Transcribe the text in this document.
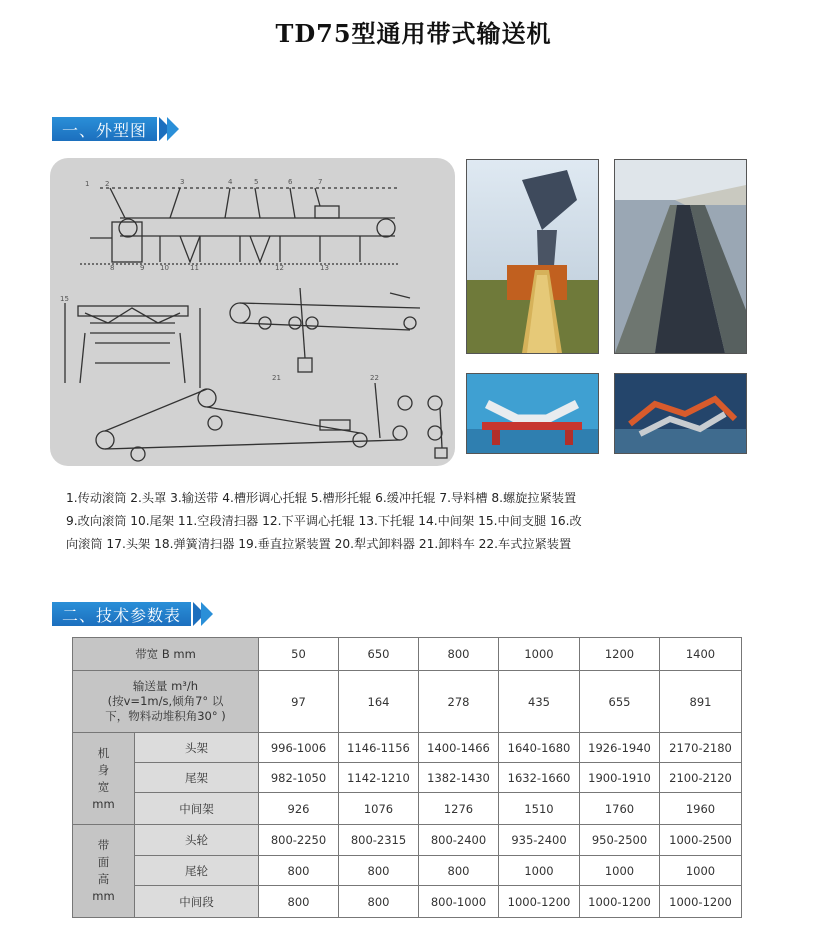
TD75型通用带式输送机
一、外型图
1 2	3	4	5	6	7
8	9 10	11	12	13
15
21	22
1.传动滚筒 2.头罩 3.输送带 4.槽形调心托辊 5.槽形托辊 6.缓冲托辊 7.导料槽 8.螺旋拉紧装置
9.改向滚筒 10.尾架 11.空段清扫器 12.下平调心托辊 13.下托辊 14.中间架 15.中间支腿 16.改
向滚筒 17.头架 18.弹簧清扫器 19.垂直拉紧装置 20.犁式卸料器 21.卸料车 22.车式拉紧装置
二、技术参数表
带宽 B mm		50	650	800	1000	1200	1400

输送量 m³/h
(按v=1m/s,倾角7° 以
下，物料动堆积角30° )		97	164	278	435	655	891

机
身
宽
mm	头架	996-1006	1146-1156	1400-1466	1640-1680	1926-1940	2170-2180
	尾架	982-1050	1142-1210	1382-1430	1632-1660	1900-1910	2100-2120
	中间架	926	1076	1276	1510	1760	1960

带
面
高
mm	头轮	800-2250	800-2315	800-2400	935-2400	950-2500	1000-2500
	尾轮	800	800	800	1000	1000	1000
	中间段	800	800	800-1000	1000-1200	1000-1200	1000-1200
